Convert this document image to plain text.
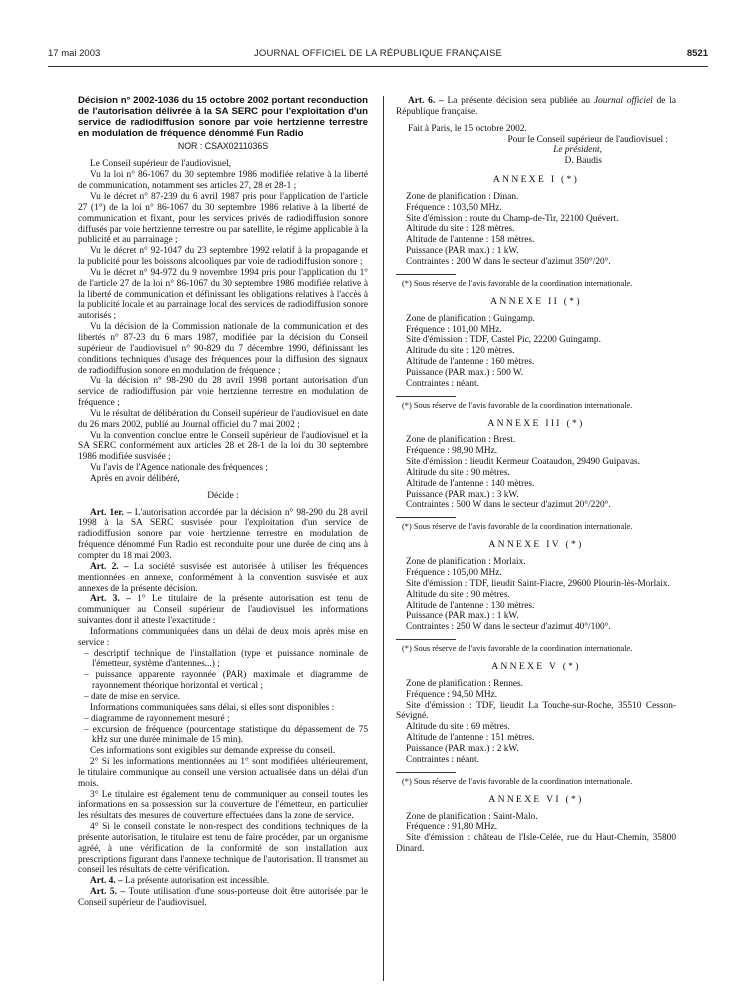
17 mai 2003	JOURNAL OFFICIEL DE LA RÉPUBLIQUE FRANÇAISE	8521

Décision n° 2002-1036 du 15 octobre 2002 portant reconduction de l'autorisation délivrée à la SA SERC pour l'exploitation d'un service de radiodiffusion sonore par voie hertzienne terrestre en modulation de fréquence dénommé Fun Radio

NOR : CSAX0211036S

Le Conseil supérieur de l'audiovisuel,

Vu la loi n° 86-1067 du 30 septembre 1986 modifiée relative à la liberté de communication, notamment ses articles 27, 28 et 28-1 ;

Vu le décret n° 87-239 du 6 avril 1987 pris pour l'application de l'article 27 (1°) de la loi n° 86-1067 du 30 septembre 1986 relative à la liberté de communication et fixant, pour les services privés de radiodiffusion sonore diffusés par voie hertzienne terrestre ou par satellite, le régime applicable à la publicité et au parrainage ;

Vu le décret n° 92-1047 du 23 septembre 1992 relatif à la propagande et la publicité pour les boissons alcooliques par voie de radiodiffusion sonore ;

Vu le décret n° 94-972 du 9 novembre 1994 pris pour l'application du 1° de l'article 27 de la loi n° 86-1067 du 30 septembre 1986 modifiée relative à la liberté de communication et définissant les obligations relatives à l'accès à la publicité locale et au parrainage local des services de radiodiffusion sonore autorisés ;

Vu la décision de la Commission nationale de la communication et des libertés n° 87-23 du 6 mars 1987, modifiée par la décision du Conseil supérieur de l'audiovisuel n° 90-829 du 7 décembre 1990, définissant les conditions techniques d'usage des fréquences pour la diffusion des signaux de radiodiffusion sonore en modulation de fréquence ;

Vu la décision n° 98-290 du 28 avril 1998 portant autorisation d'un service de radiodiffusion par voie hertzienne terrestre en modulation de fréquence ;

Vu le résultat de délibération du Conseil supérieur de l'audiovisuel en date du 26 mars 2002, publié au Journal officiel du 7 mai 2002 ;

Vu la convention conclue entre le Conseil supérieur de l'audiovisuel et la SA SERC conformément aux articles 28 et 28-1 de la loi du 30 septembre 1986 modifiée susvisée ;

Vu l'avis de l'Agence nationale des fréquences ;

Après en avoir délibéré,

Décide :

Art. 1er. – L'autorisation accordée par la décision n° 98-290 du 28 avril 1998 à la SA SERC susvisée pour l'exploitation d'un service de radiodiffusion sonore par voie hertzienne terrestre en modulation de fréquence dénommé Fun Radio est reconduite pour une durée de cinq ans à compter du 18 mai 2003.

Art. 2. – La société susvisée est autorisée à utiliser les fréquences mentionnées en annexe, conformément à la convention susvisée et aux annexes de la présente décision.

Art. 3. – 1° Le titulaire de la présente autorisation est tenu de communiquer au Conseil supérieur de l'audiovisuel les informations suivantes dont il atteste l'exactitude :

Informations communiquées dans un délai de deux mois après mise en service :

– descriptif technique de l'installation (type et puissance nominale de l'émetteur, système d'antennes...) ;

– puissance apparente rayonnée (PAR) maximale et diagramme de rayonnement théorique horizontal et vertical ;

– date de mise en service.

Informations communiquées sans délai, si elles sont disponibles :

– diagramme de rayonnement mesuré ;

– excursion de fréquence (pourcentage statistique du dépassement de 75 kHz sur une durée minimale de 15 min).

Ces informations sont exigibles sur demande expresse du conseil.

2° Si les informations mentionnées au 1° sont modifiées ultérieurement, le titulaire communique au conseil une version actualisée dans un délai d'un mois.

3° Le titulaire est également tenu de communiquer au conseil toutes les informations en sa possession sur la couverture de l'émetteur, en particulier les résultats des mesures de couverture effectuées dans la zone de service.

4° Si le conseil constate le non-respect des conditions techniques de la présente autorisation, le titulaire est tenu de faire procéder, par un organisme agréé, à une vérification de la conformité de son installation aux prescriptions figurant dans l'annexe technique de l'autorisation. Il transmet au conseil les résultats de cette vérification.

Art. 4. – La présente autorisation est incessible.

Art. 5. – Toute utilisation d'une sous-porteuse doit être autorisée par le Conseil supérieur de l'audiovisuel.

Art. 6. – La présente décision sera publiée au Journal officiel de la République française.

Fait à Paris, le 15 octobre 2002.

Pour le Conseil supérieur de l'audiovisuel :

Le président,

D. Baudis

ANNEXE I (*)

Zone de planification : Dinan.

Fréquence : 103,50 MHz.

Site d'émission : route du Champ-de-Tir, 22100 Quévert.

Altitude du site : 128 mètres.

Altitude de l'antenne : 158 mètres.

Puissance (PAR max.) : 1 kW.

Contraintes : 200 W dans le secteur d'azimut 350°/20°.

(*) Sous réserve de l'avis favorable de la coordination internationale.

ANNEXE II (*)

Zone de planification : Guingamp.

Fréquence : 101,00 MHz.

Site d'émission : TDF, Castel Pic, 22200 Guingamp.

Altitude du site : 120 mètres.

Altitude de l'antenne : 160 mètres.

Puissance (PAR max.) : 500 W.

Contraintes : néant.

(*) Sous réserve de l'avis favorable de la coordination internationale.

ANNEXE III (*)

Zone de planification : Brest.

Fréquence : 98,90 MHz.

Site d'émission : lieudit Kermeur Coataudon, 29490 Guipavas.

Altitude du site : 90 mètres.

Altitude de l'antenne : 140 mètres.

Puissance (PAR max.) : 3 kW.

Contraintes : 500 W dans le secteur d'azimut 20°/220°.

(*) Sous réserve de l'avis favorable de la coordination internationale.

ANNEXE IV (*)

Zone de planification : Morlaix.

Fréquence : 105,00 MHz.

Site d'émission : TDF, lieudit Saint-Fiacre, 29600 Plourin-lès-Morlaix.

Altitude du site : 90 mètres.

Altitude de l'antenne : 130 mètres.

Puissance (PAR max.) : 1 kW.

Contraintes : 250 W dans le secteur d'azimut 40°/100°.

(*) Sous réserve de l'avis favorable de la coordination internationale.

ANNEXE V (*)

Zone de planification : Rennes.

Fréquence : 94,50 MHz.

Site d'émission : TDF, lieudit La Touche-sur-Roche, 35510 Cesson-Sévigné.

Altitude du site : 69 mètres.

Altitude de l'antenne : 151 mètres.

Puissance (PAR max.) : 2 kW.

Contraintes : néant.

(*) Sous réserve de l'avis favorable de la coordination internationale.

ANNEXE VI (*)

Zone de planification : Saint-Malo.

Fréquence : 91,80 MHz.

Site d'émission : château de l'Isle-Celée, rue du Haut-Chemin, 35800 Dinard.
